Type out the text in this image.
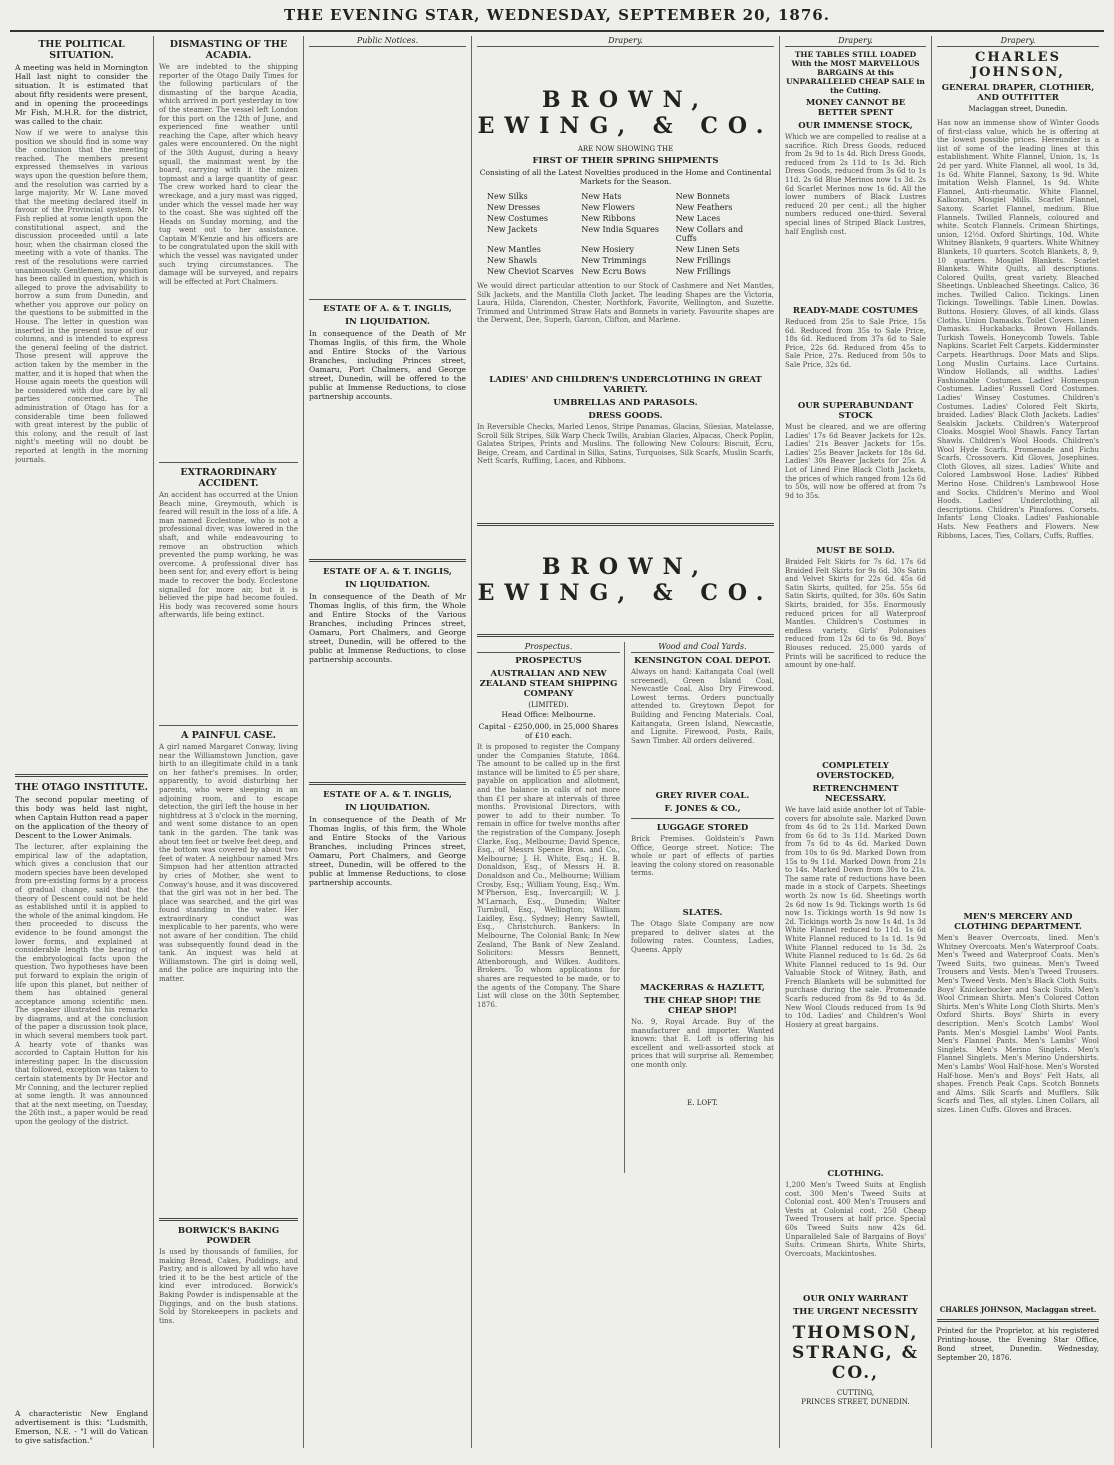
THE EVENING STAR, WEDNESDAY, SEPTEMBER 20, 1876.
THE POLITICAL SITUATION.

A meeting was held in Mornington Hall last night to consider the situation. It is estimated that about fifty residents were present, and in opening the proceedings Mr Fish, M.H.R. for the district, was called to the chair.

Now if we were to analyse this position we should find in some way the conclusion that the meeting reached. The members present expressed themselves in various ways upon the question before them, and the resolution was carried by a large majority. Mr W. Lane moved that the meeting declared itself in favour of the Provincial system. Mr Fish replied at some length upon the constitutional aspect, and the discussion proceeded until a late hour, when the chairman closed the meeting with a vote of thanks. The rest of the resolutions were carried unanimously. Gentlemen, my position has been called in question, which is alleged to prove the advisability to borrow a sum from Dunedin, and whether you approve our policy on the questions to be submitted in the House. The letter in question was inserted in the present issue of our columns, and is intended to express the general feeling of the district. Those present will approve the action taken by the member in the matter, and it is hoped that when the House again meets the question will be considered with due care by all parties concerned. The administration of Otago has for a considerable time been followed with great interest by the public of this colony, and the result of last night's meeting will no doubt be reported at length in the morning journals.
THE OTAGO INSTITUTE.

The second popular meeting of this body was held last night, when Captain Hutton read a paper on the application of the theory of Descent to the Lower Animals.

The lecturer, after explaining the empirical law of the adaptation, which gives a conclusion that our modern species have been developed from pre-existing forms by a process of gradual change, said that the theory of Descent could not be held as established until it is applied to the whole of the animal kingdom. He then proceeded to discuss the evidence to be found amongst the lower forms, and explained at considerable length the bearing of the embryological facts upon the question. Two hypotheses have been put forward to explain the origin of life upon this planet, but neither of them has obtained general acceptance among scientific men. The speaker illustrated his remarks by diagrams, and at the conclusion of the paper a discussion took place, in which several members took part. A hearty vote of thanks was accorded to Captain Hutton for his interesting paper. In the discussion that followed, exception was taken to certain statements by Dr Hector and Mr Conning, and the lecturer replied at some length. It was announced that at the next meeting, on Tuesday, the 26th inst., a paper would be read upon the geology of the district.

A characteristic New England advertisement is this: "Ludsmith, Emerson, N.E. - "I will do Vatican to give satisfaction."

DISMASTING OF THE ACADIA.
We are indebted to the shipping reporter of the Otago Daily Times for the following particulars of the dismasting of the barque Acadia, which arrived in port yesterday in tow of the steamer. The vessel left London for this port on the 12th of June, and experienced fine weather until reaching the Cape, after which heavy gales were encountered. On the night of the 30th August, during a heavy squall, the mainmast went by the board, carrying with it the mizen topmast and a large quantity of gear. The crew worked hard to clear the wreckage, and a jury mast was rigged, under which the vessel made her way to the coast. She was sighted off the Heads on Sunday morning, and the tug went out to her assistance. Captain M'Kenzie and his officers are to be congratulated upon the skill with which the vessel was navigated under such trying circumstances. The damage will be surveyed, and repairs will be effected at Port Chalmers.
EXTRAORDINARY ACCIDENT.
An accident has occurred at the Union Beach mine, Greymouth, which is feared will result in the loss of a life. A man named Ecclestone, who is not a professional diver, was lowered in the shaft, and while endeavouring to remove an obstruction which prevented the pump working, he was overcome. A professional diver has been sent for, and every effort is being made to recover the body. Ecclestone signalled for more air, but it is believed the pipe had become fouled. His body was recovered some hours afterwards, life being extinct.
A PAINFUL CASE.
A girl named Margaret Conway, living near the Williamstown Junction, gave birth to an illegitimate child in a tank on her father's premises. In order, apparently, to avoid disturbing her parents, who were sleeping in an adjoining room, and to escape detection, the girl left the house in her nightdress at 3 o'clock in the morning, and went some distance to an open tank in the garden. The tank was about ten feet or twelve feet deep, and the bottom was covered by about two feet of water. A neighbour named Mrs Simpson had her attention attracted by cries of Mother, she went to Conway's house, and it was discovered that the girl was not in her bed. The place was searched, and the girl was found standing in the water. Her extraordinary conduct was inexplicable to her parents, who were not aware of her condition. The child was subsequently found dead in the tank. An inquest was held at Williamstown. The girl is doing well, and the police are inquiring into the matter.
BORWICK'S BAKING POWDER
Is used by thousands of families, for making Bread, Cakes, Puddings, and Pastry, and is allowed by all who have tried it to be the best article of the kind ever introduced. Borwick's Baking Powder is indispensable at the Diggings, and on the bush stations. Sold by Storekeepers in packets and tins.
Public Notices.
ESTATE OF A. & T. INGLIS,
IN LIQUIDATION.

In consequence of the Death of Mr Thomas Inglis, of this firm, the Whole and Entire Stocks of the Various Branches, including Princes street, Oamaru, Port Chalmers, and George street, Dunedin, will be offered to the public at Immense Reductions, to close partnership accounts.

ESTATE OF A. & T. INGLIS,
IN LIQUIDATION.

In consequence of the Death of Mr Thomas Inglis, of this firm, the Whole and Entire Stocks of the Various Branches, including Princes street, Oamaru, Port Chalmers, and George street, Dunedin, will be offered to the public at Immense Reductions, to close partnership accounts.

ESTATE OF A. & T. INGLIS,
IN LIQUIDATION.

In consequence of the Death of Mr Thomas Inglis, of this firm, the Whole and Entire Stocks of the Various Branches, including Princes street, Oamaru, Port Chalmers, and George street, Dunedin, will be offered to the public at Immense Reductions, to close partnership accounts.

Drapery.
BROWN, EWING, & CO.
ARE NOW SHOWING THE
FIRST OF THEIR SPRING SHIPMENTS

Consisting of all the Latest Novelties produced in the Home and Continental Markets for the Season.

New Silks	New Hats	New Bonnets
New Dresses	New Flowers	New Feathers
New Costumes	New Ribbons	New Laces
New Jackets	New India Squares	New Collars and Cuffs
New Mantles	New Hosiery	New Linen Sets
New Shawls	New Trimmings	New Frillings
New Cheviot Scarves New Ecru Bows	New Frillings
We would direct particular attention to our Stock of Cashmere and Net Mantles, Silk Jackets, and the Mantilla Cloth Jacket. The leading Shapes are the Victoria, Laura, Hilda, Clarendon, Chester, Northfork, Favorite, Wellington, and Suzette. Trimmed and Untrimmed Straw Hats and Bonnets in variety. Favourite shapes are the Derwent, Dee, Superb, Garcon, Clifton, and Marlene.
LADIES' AND CHILDREN'S UNDERCLOTHING IN GREAT VARIETY.
UMBRELLAS AND PARASOLS.
DRESS GOODS.
In Reversible Checks, Marled Lenos, Stripe Panamas, Glacias, Silesias, Matelasse, Scroll Silk Stripes, Silk Warp Check Twills, Arabian Glacies, Alpacas, Check Poplin, Galatea Stripes, Prints and Muslins. The following New Colours: Biscuit, Ecru, Beige, Cream, and Cardinal in Silks, Satins, Turquoises, Silk Scarfs, Muslin Scarfs, Nett Scarfs, Ruffling, Laces, and Ribbons.
BROWN, EWING, & CO.
Prospectus.
PROSPECTUS
AUSTRALIAN AND NEW ZEALAND STEAM SHIPPING COMPANY
(LIMITED).

Head Office: Melbourne.

Capital - £250,000, in 25,000 Shares of £10 each.

It is proposed to register the Company under the Companies Statute, 1864. The amount to be called up in the first instance will be limited to £5 per share, payable on application and allotment, and the balance in calls of not more than £1 per share at intervals of three months. Provisional Directors, with power to add to their number. To remain in office for twelve months after the registration of the Company. Joseph Clarke, Esq., Melbourne; David Spence, Esq., of Messrs Spence Bros. and Co., Melbourne; J. H. White, Esq.; H. B. Donaldson, Esq., of Messrs H. B. Donaldson and Co., Melbourne; William Crosby, Esq.; William Young, Esq.; Wm. M'Pherson, Esq., Invercargill; W. J. M'Larnach, Esq., Dunedin; Walter Turnbull, Esq., Wellington; William Laidley, Esq., Sydney; Henry Sawtell, Esq., Christchurch. Bankers: In Melbourne, The Colonial Bank; In New Zealand, The Bank of New Zealand. Solicitors: Messrs Bennett, Attenborough, and Wilkes. Auditors. Brokers. To whom applications for shares are requested to be made, or to the agents of the Company. The Share List will close on the 30th September, 1876.
Wood and Coal Yards.
KENSINGTON COAL DEPOT.
Always on hand: Kaitangata Coal (well screened), Green Island Coal, Newcastle Coal, Also Dry Firewood. Lowest terms. Orders punctually attended to. Greytown Depot for Building and Fencing Materials. Coal, Kaitangata, Green Island, Newcastle, and Lignite. Firewood, Posts, Rails, Sawn Timber. All orders delivered.
GREY RIVER COAL.
F. JONES & CO.,
LUGGAGE STORED
Brick Premises. Goldstein's Pawn Office, George street. Notice: The whole or part of effects of parties leaving the colony stored on reasonable terms.
SLATES.
The Otago Slate Company are now prepared to deliver slates at the following rates. Countess, Ladies, Queens. Apply
MACKERRAS & HAZLETT,
THE CHEAP SHOP! THE CHEAP SHOP!
No. 9, Royal Arcade. Buy of the manufacturer and importer. Wanted known: that E. Loft is offering his excellent and well-assorted stock at prices that will surprise all. Remember, one month only.
E. LOFT.
Drapery.

THE TABLES STILL LOADED With the MOST MARVELLOUS BARGAINS At this UNPARALLELED CHEAP SALE in the Cutting.

MONEY CANNOT BE BETTER SPENT
OUR IMMENSE STOCK,
Which we are compelled to realise at a sacrifice. Rich Dress Goods, reduced from 2s 9d to 1s 4d. Rich Dress Goods, reduced from 2s 11d to 1s 3d. Rich Dress Goods, reduced from 3s 6d to 1s 11d. 2s 6d Blue Merinos now 1s 3d. 2s 6d Scarlet Merinos now 1s 6d. All the lower numbers of Black Lustres reduced 20 per cent.; all the higher numbers reduced one-third. Several special lines of Striped Black Lustres, half English cost.
READY-MADE COSTUMES
Reduced from 25s to Sale Price, 15s 6d. Reduced from 35s to Sale Price, 18s 6d. Reduced from 37s 6d to Sale Price, 22s 6d. Reduced from 45s to Sale Price, 27s. Reduced from 50s to Sale Price, 32s 6d.
OUR SUPERABUNDANT STOCK
Must be cleared, and we are offering Ladies' 17s 6d Beaver Jackets for 12s. Ladies' 21s Beaver Jackets for 15s. Ladies' 25s Beaver Jackets for 18s 6d. Ladies' 30s Beaver Jackets for 25s. A Lot of Lined Fine Black Cloth Jackets, the prices of which ranged from 12s 6d to 50s, will now be offered at from 7s 9d to 35s.
MUST BE SOLD.
Braided Felt Skirts for 7s 6d. 17s 6d Braided Felt Skirts for 9s 6d. 30s Satin and Velvet Skirts for 22s 6d. 45s 6d Satin Skirts, quilted, for 25s. 55s 6d Satin Skirts, quilted, for 30s. 60s Satin Skirts, braided, for 35s. Enormously reduced prices for all Waterproof Mantles. Children's Costumes in endless variety. Girls' Polonaises reduced from 12s 6d to 6s 9d. Boys' Blouses reduced. 25,000 yards of Prints will be sacrificed to reduce the amount by one-half.
COMPLETELY OVERSTOCKED,
RETRENCHMENT NECESSARY.
We have laid aside another lot of Table-covers for absolute sale. Marked Down from 4s 6d to 2s 11d. Marked Down from 6s 6d to 3s 11d. Marked Down from 7s 6d to 4s 6d. Marked Down from 10s to 6s 9d. Marked Down from 15s to 9s 11d. Marked Down from 21s to 14s. Marked Down from 30s to 21s. The same rate of reductions have been made in a stock of Carpets. Sheetings worth 2s now 1s 6d. Sheetings worth 2s 6d now 1s 9d. Tickings worth 1s 6d now 1s. Tickings worth 1s 9d now 1s 2d. Tickings worth 2s now 1s 4d. 1s 3d White Flannel reduced to 11d. 1s 6d White Flannel reduced to 1s 1d. 1s 9d White Flannel reduced to 1s 3d. 2s White Flannel reduced to 1s 6d. 2s 6d White Flannel reduced to 1s 9d. Our Valuable Stock of Witney, Bath, and French Blankets will be submitted for purchase during the sale. Promenade Scarfs reduced from 8s 9d to 4s 3d. New Wool Clouds reduced from 1s 9d to 10d. Ladies' and Children's Wool Hosiery at great bargains.
CLOTHING.
1,200 Men's Tweed Suits at English cost. 300 Men's Tweed Suits at Colonial cost. 400 Men's Trousers and Vests at Colonial cost. 250 Cheap Tweed Trousers at half price. Special 60s Tweed Suits now 42s 6d. Unparalleled Sale of Bargains of Boys' Suits. Crimean Shirts, White Shirts, Overcoats, Mackintoshes.
OUR ONLY WARRANT
THE URGENT NECESSITY
THOMSON, STRANG, & CO.,
CUTTING,
PRINCES STREET, DUNEDIN.
Drapery.
CHARLES JOHNSON,
GENERAL DRAPER, CLOTHIER, AND OUTFITTER
Maclaggan street, Dunedin.
Has now an immense show of Winter Goods of first-class value, which he is offering at the lowest possible prices. Hereunder is a list of some of the leading lines at this establishment. White Flannel, Union, 1s, 1s 2d per yard. White Flannel, all wool, 1s 3d, 1s 6d. White Flannel, Saxony, 1s 9d. White Imitation Welsh Flannel, 1s 9d. White Flannel, Anti-rheumatic. White Flannel, Kalkoran, Mosgiel Mills. Scarlet Flannel, Saxony. Scarlet Flannel, medium. Blue Flannels. Twilled Flannels, coloured and white. Scotch Flannels. Crimean Shirtings, union, 12½d. Oxford Shirtings, 10d. White Whitney Blankets, 9 quarters. White Whitney Blankets, 10 quarters. Scotch Blankets, 8, 9, 10 quarters. Mosgiel Blankets. Scarlet Blankets. White Quilts, all descriptions. Colored Quilts, great variety. Bleached Sheetings. Unbleached Sheetings. Calico, 36 inches. Twilled Calico. Tickings. Linen Tickings. Towellings. Table Linen. Dowlas. Buttons. Hosiery. Gloves, of all kinds. Glass Cloths. Union Damasks. Toilet Covers. Linen Damasks. Huckabacks. Brown Hollands. Turkish Towels. Honeycomb Towels. Table Napkins. Scarlet Felt Carpets. Kidderminster Carpets. Hearthrugs. Door Mats and Slips. Long Muslin Curtains. Lace Curtains. Window Hollands, all widths. Ladies' Fashionable Costumes. Ladies' Homespun Costumes. Ladies' Russell Cord Costumes. Ladies' Winsey Costumes. Children's Costumes. Ladies' Colored Felt Skirts, braided. Ladies' Black Cloth Jackets. Ladies' Sealskin Jackets. Children's Waterproof Cloaks. Mosgiel Wool Shawls. Fancy Tartan Shawls. Children's Wool Hoods. Children's Wool Hyde Scarfs. Promenade and Fichu Scarfs. Crossovers. Kid Gloves, Josephines. Cloth Gloves, all sizes. Ladies' White and Colored Lambswool Hose. Ladies' Ribbed Merino Hose. Children's Lambswool Hose and Socks. Children's Merino and Wool Hoods. Ladies' Underclothing, all descriptions. Children's Pinafores. Corsets. Infants' Long Cloaks. Ladies' Fashionable Hats. New Feathers and Flowers. New Ribbons, Laces, Ties, Collars, Cuffs, Ruffles.
MEN'S MERCERY AND CLOTHING DEPARTMENT.
Men's Beaver Overcoats, lined. Men's Whitney Overcoats. Men's Waterproof Coats. Men's Tweed and Waterproof Coats. Men's Tweed Suits, two guineas. Men's Tweed Trousers and Vests. Men's Tweed Trousers. Men's Tweed Vests. Men's Black Cloth Suits. Boys' Knickerbocker and Sack Suits. Men's Wool Crimean Shirts. Men's Colored Cotton Shirts. Men's White Long Cloth Shirts. Men's Oxford Shirts. Boys' Shirts in every description. Men's Scotch Lambs' Wool Pants. Men's Mosgiel Lambs' Wool Pants. Men's Flannel Pants. Men's Lambs' Wool Singlets. Men's Merino Singlets. Men's Flannel Singlets. Men's Merino Undershirts. Men's Lambs' Wool Half-hose. Men's Worsted Half-hose. Men's and Boys' Felt Hats, all shapes. French Peak Caps. Scotch Bonnets and Alms. Silk Scarfs and Mufflers. Silk Scarfs and Ties, all styles. Linen Collars, all sizes. Linen Cuffs. Gloves and Braces.
CHARLES JOHNSON, Maclaggan street.

Printed for the Proprietor, at his registered Printing-house, the Evening Star Office, Bond street, Dunedin. Wednesday, September 20, 1876.
